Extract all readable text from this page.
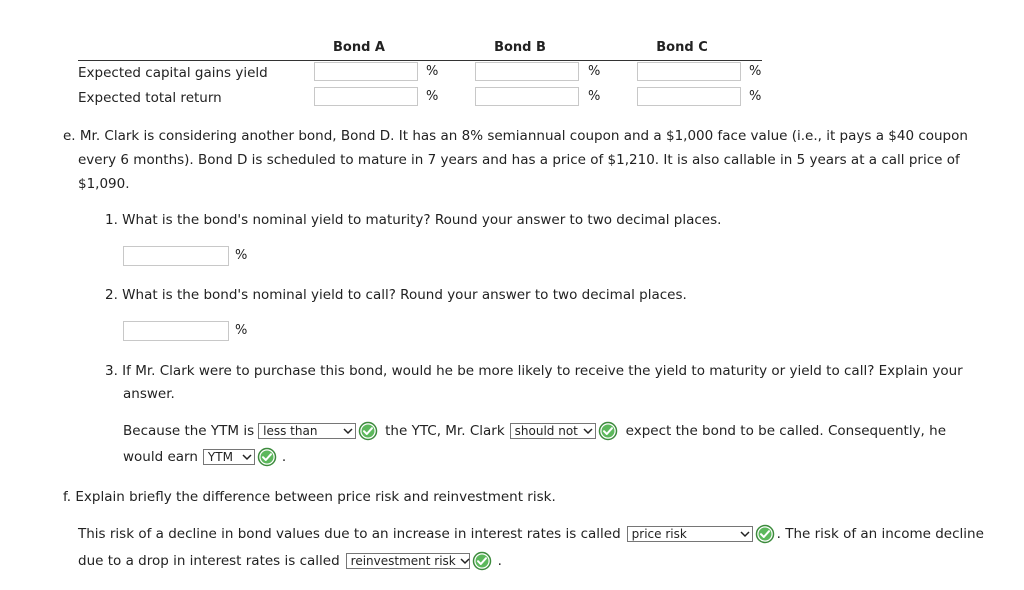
Bond A	Bond B	Bond C
Expected capital gains yield	%	%	%
Expected total return	%	%	%
e. Mr. Clark is considering another bond, Bond D. It has an 8% semiannual coupon and a $1,000 face value (i.e., it pays a $40 coupon
every 6 months). Bond D is scheduled to mature in 7 years and has a price of $1,210. It is also callable in 5 years at a call price of
$1,090.
1. What is the bond's nominal yield to maturity? Round your answer to two decimal places.
%
2. What is the bond's nominal yield to call? Round your answer to two decimal places.
%
3. If Mr. Clark were to purchase this bond, would he be more likely to receive the yield to maturity or yield to call? Explain your
answer.
Because the YTM is less than	the YTC, Mr. Clark should not	expect the bond to be called. Consequently, he
would earn YTM	.
f. Explain briefly the difference between price risk and reinvestment risk.
This risk of a decline in bond values due to an increase in interest rates is called price risk	. The risk of an income decline
due to a drop in interest rates is called reinvestment risk	.
